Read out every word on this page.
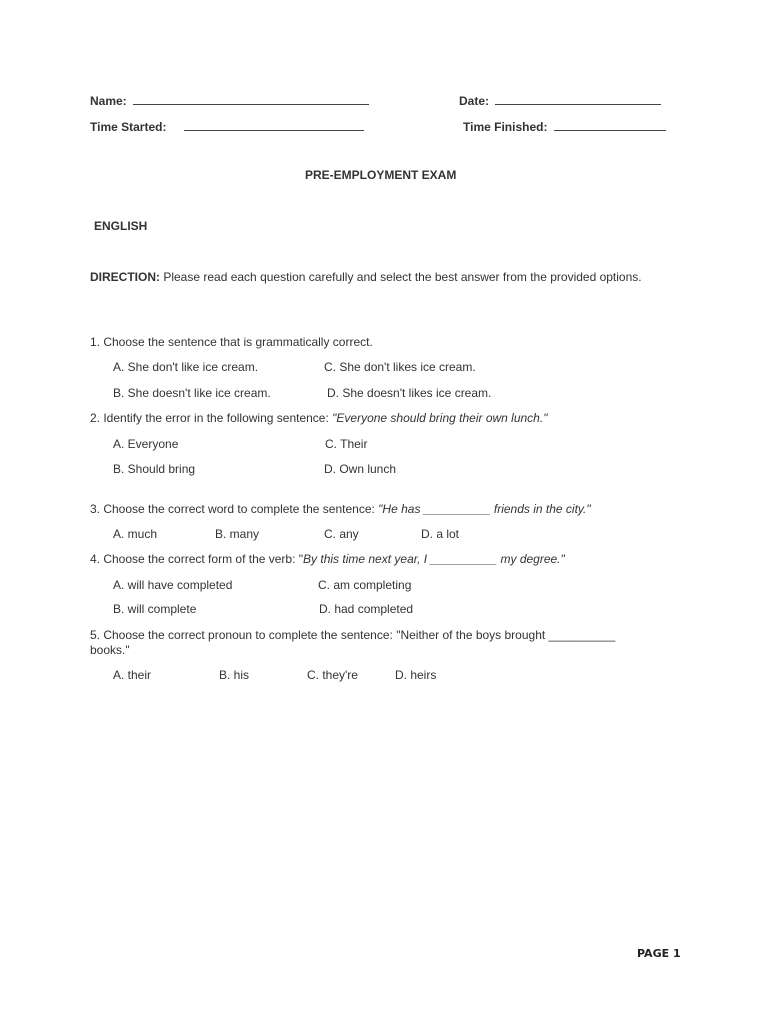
Name:	Date:
Time Started:	Time Finished:
PRE-EMPLOYMENT EXAM
ENGLISH
DIRECTION: Please read each question carefully and select the best answer from the provided options.
1. Choose the sentence that is grammatically correct.
A. She don't like ice cream.	C. She don't likes ice cream.
B. She doesn't like ice cream.	D. She doesn't likes ice cream.
2. Identify the error in the following sentence: "Everyone should bring their own lunch."
A. Everyone	C. Their
B. Should bring	D. Own lunch
3. Choose the correct word to complete the sentence: "He has __________ friends in the city."
A. much	B. many	C. any	D. a lot
4. Choose the correct form of the verb: "By this time next year, I __________ my degree."
A. will have completed	C. am completing
B. will complete	D. had completed
5. Choose the correct pronoun to complete the sentence: "Neither of the boys brought __________ books."
A. their	B. his	C. they're	D. heirs
PAGE 1
